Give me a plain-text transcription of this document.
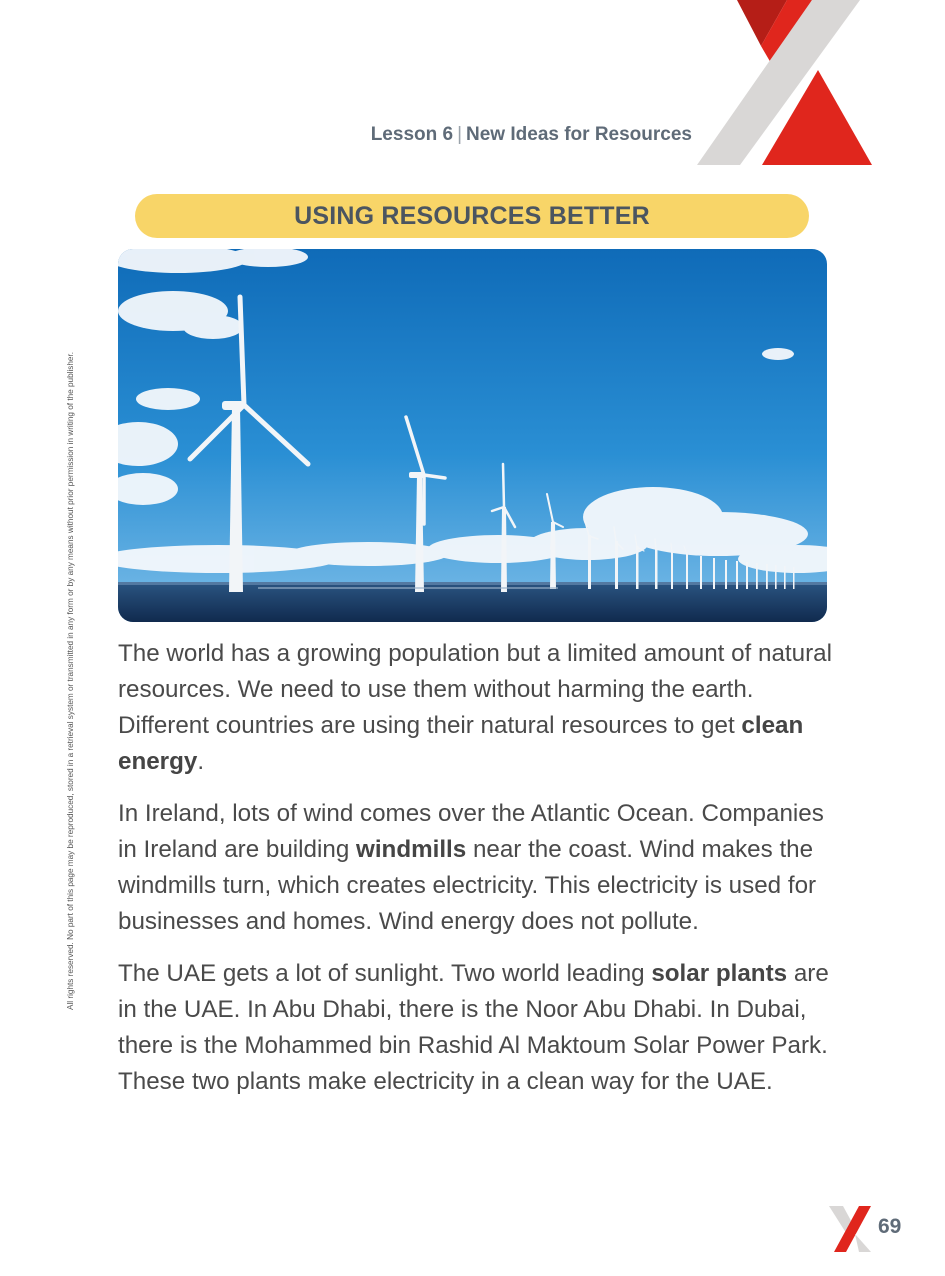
Lesson 6 | New Ideas for Resources
All rights reserved. No part of this page may be reproduced, stored in a retrieval system or transmitted in any form or by any means without prior permission in writing of the publisher.
USING RESOURCES BETTER

The world has a growing population but a limited amount of natural resources. We need to use them without harming the earth. Different countries are using their natural resources to get clean energy.

In Ireland, lots of wind comes over the Atlantic Ocean. Companies in Ireland are building windmills near the coast. Wind makes the windmills turn, which creates electricity. This electricity is used for businesses and homes. Wind energy does not pollute.

The UAE gets a lot of sunlight. Two world leading solar plants are in the UAE. In Abu Dhabi, there is the Noor Abu Dhabi. In Dubai, there is the Mohammed bin Rashid Al Maktoum Solar Power Park. These two plants make electricity in a clean way for the UAE.

69
